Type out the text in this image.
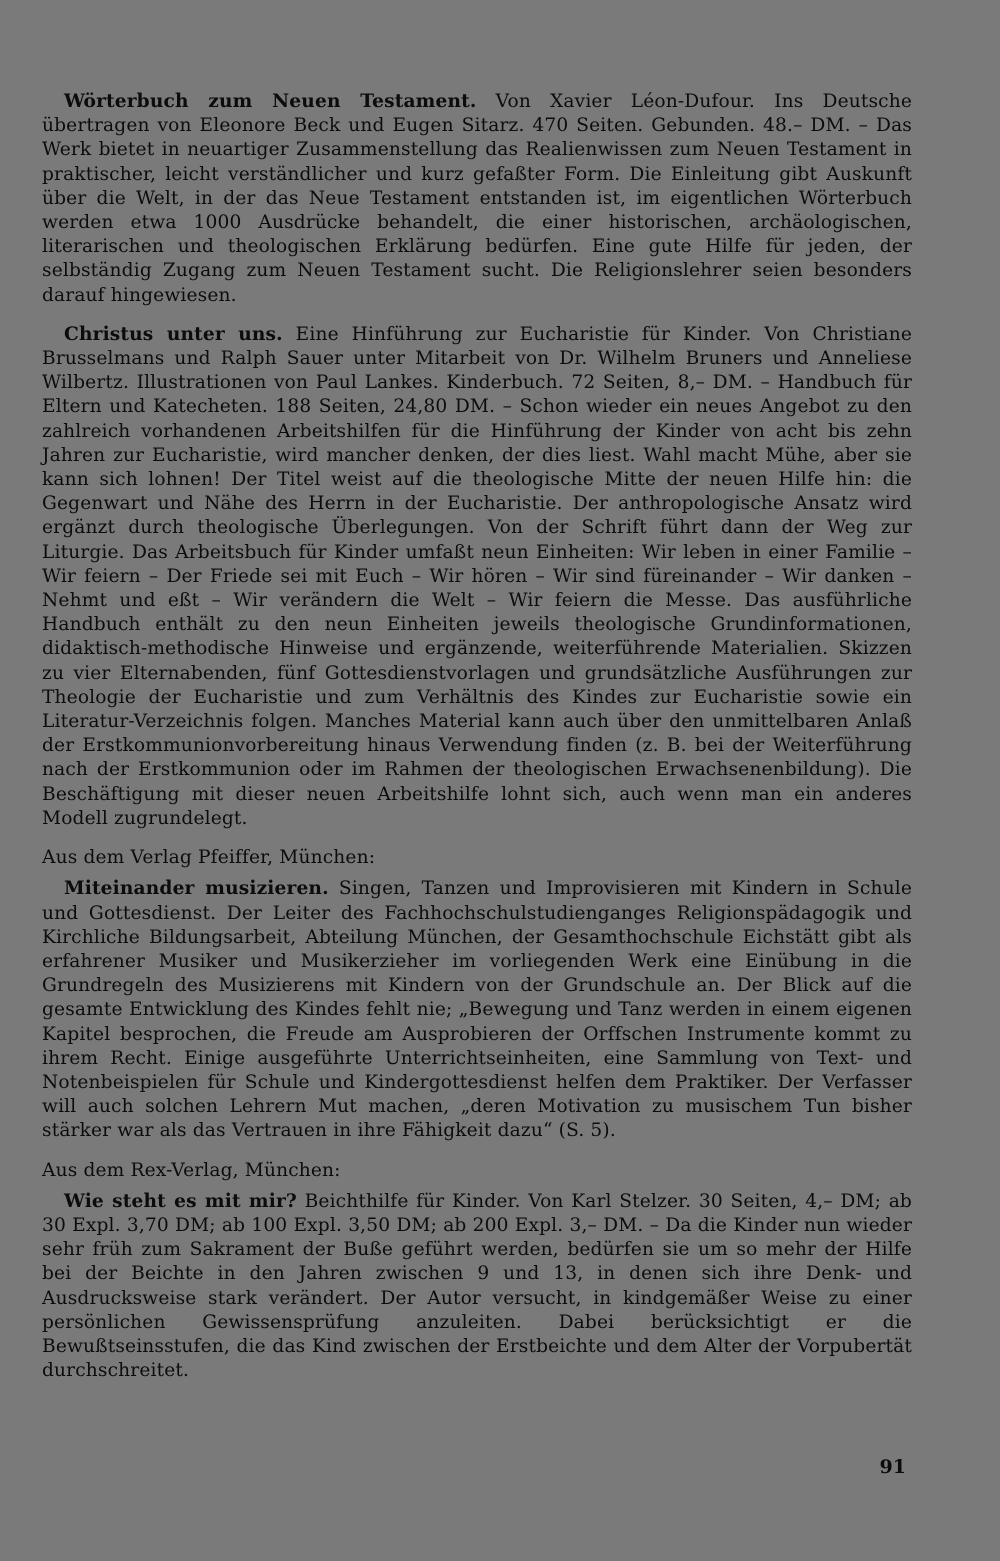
Wörterbuch zum Neuen Testament. Von Xavier Léon-Dufour. Ins Deutsche übertragen von Eleonore Beck und Eugen Sitarz. 470 Seiten. Gebunden. 48.– DM. – Das Werk bietet in neuartiger Zusammenstellung das Realienwissen zum Neuen Testament in praktischer, leicht verständlicher und kurz gefaßter Form. Die Einleitung gibt Auskunft über die Welt, in der das Neue Testament entstanden ist, im eigentlichen Wörterbuch werden etwa 1000 Ausdrücke behandelt, die einer historischen, archäologischen, literarischen und theologischen Erklärung bedürfen. Eine gute Hilfe für jeden, der selbständig Zugang zum Neuen Testament sucht. Die Religionslehrer seien besonders darauf hingewiesen.

Christus unter uns. Eine Hinführung zur Eucharistie für Kinder. Von Christiane Brusselmans und Ralph Sauer unter Mitarbeit von Dr. Wilhelm Bruners und Anneliese Wilbertz. Illustrationen von Paul Lankes. Kinderbuch. 72 Seiten, 8,– DM. – Handbuch für Eltern und Katecheten. 188 Seiten, 24,80 DM. – Schon wieder ein neues Angebot zu den zahlreich vorhandenen Arbeitshilfen für die Hinführung der Kinder von acht bis zehn Jahren zur Eucharistie, wird mancher denken, der dies liest. Wahl macht Mühe, aber sie kann sich lohnen! Der Titel weist auf die theologische Mitte der neuen Hilfe hin: die Gegenwart und Nähe des Herrn in der Eucharistie. Der anthropologische Ansatz wird ergänzt durch theologische Überlegungen. Von der Schrift führt dann der Weg zur Liturgie. Das Arbeitsbuch für Kinder umfaßt neun Einheiten: Wir leben in einer Familie – Wir feiern – Der Friede sei mit Euch – Wir hören – Wir sind füreinander – Wir danken – Nehmt und eßt – Wir verändern die Welt – Wir feiern die Messe. Das ausführliche Handbuch enthält zu den neun Einheiten jeweils theologische Grundinformationen, didaktisch-methodische Hinweise und ergänzende, weiterführende Materialien. Skizzen zu vier Elternabenden, fünf Gottesdienstvorlagen und grundsätzliche Ausführungen zur Theologie der Eucharistie und zum Verhältnis des Kindes zur Eucharistie sowie ein Literatur-Verzeichnis folgen. Manches Material kann auch über den unmittelbaren Anlaß der Erstkommunionvorbereitung hinaus Verwendung finden (z. B. bei der Weiterführung nach der Erstkommunion oder im Rahmen der theologischen Erwachsenenbildung). Die Beschäftigung mit dieser neuen Arbeitshilfe lohnt sich, auch wenn man ein anderes Modell zugrundelegt.

Aus dem Verlag Pfeiffer, München:

Miteinander musizieren. Singen, Tanzen und Improvisieren mit Kindern in Schule und Gottesdienst. Der Leiter des Fachhochschulstudienganges Religionspädagogik und Kirchliche Bildungsarbeit, Abteilung München, der Gesamthochschule Eichstätt gibt als erfahrener Musiker und Musikerzieher im vorliegenden Werk eine Einübung in die Grundregeln des Musizierens mit Kindern von der Grundschule an. Der Blick auf die gesamte Entwicklung des Kindes fehlt nie; „Bewegung und Tanz werden in einem eigenen Kapitel besprochen, die Freude am Ausprobieren der Orffschen Instrumente kommt zu ihrem Recht. Einige ausgeführte Unterrichtseinheiten, eine Sammlung von Text- und Notenbeispielen für Schule und Kindergottesdienst helfen dem Praktiker. Der Verfasser will auch solchen Lehrern Mut machen, „deren Motivation zu musischem Tun bisher stärker war als das Vertrauen in ihre Fähigkeit dazu“ (S. 5).

Aus dem Rex-Verlag, München:

Wie steht es mit mir? Beichthilfe für Kinder. Von Karl Stelzer. 30 Seiten, 4,– DM; ab 30 Expl. 3,70 DM; ab 100 Expl. 3,50 DM; ab 200 Expl. 3,– DM. – Da die Kinder nun wieder sehr früh zum Sakrament der Buße geführt werden, bedürfen sie um so mehr der Hilfe bei der Beichte in den Jahren zwischen 9 und 13, in denen sich ihre Denk- und Ausdrucksweise stark verändert. Der Autor versucht, in kindgemäßer Weise zu einer persönlichen Gewissensprüfung anzuleiten. Dabei berücksichtigt er die Bewußtseinsstufen, die das Kind zwischen der Erstbeichte und dem Alter der Vorpubertät durchschreitet.

91
